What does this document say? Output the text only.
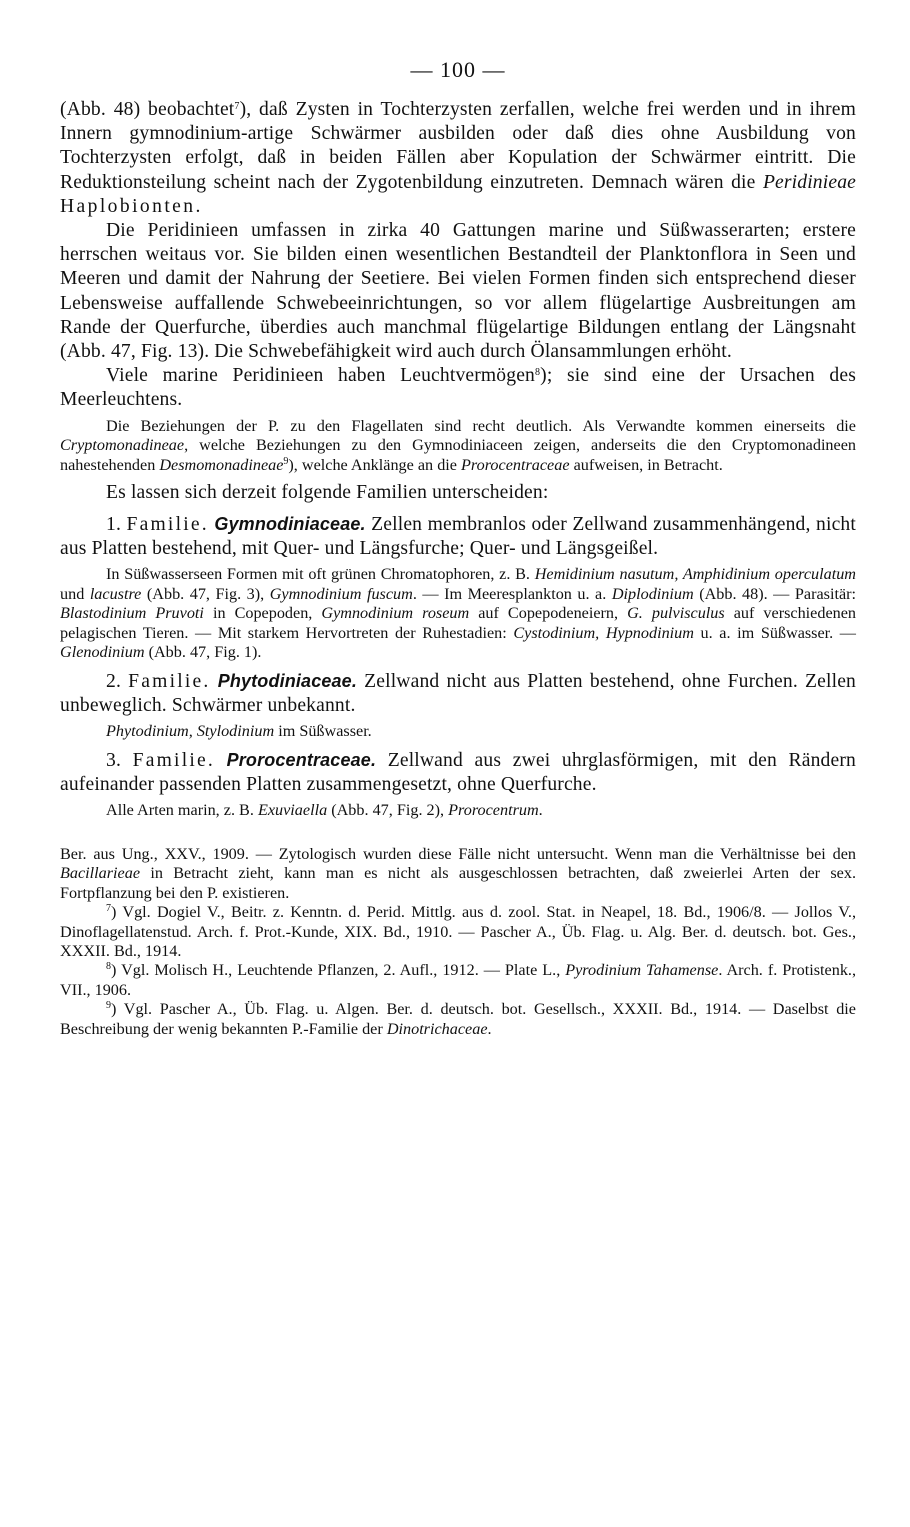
— 100 —

(Abb. 48) beobachtet$^7$), daß Zysten in Tochterzysten zerfallen, welche frei werden und in ihrem Innern gymnodinium-artige Schwärmer ausbilden oder daß dies ohne Ausbildung von Tochterzysten erfolgt, daß in beiden Fällen aber Kopulation der Schwärmer eintritt. Die Reduktionsteilung scheint nach der Zygotenbildung einzutreten. Demnach wären die Peridinieae Haplobionten.

Die Peridinieen umfassen in zirka 40 Gattungen marine und Süßwasserarten; erstere herrschen weitaus vor. Sie bilden einen wesentlichen Bestandteil der Planktonflora in Seen und Meeren und damit der Nahrung der Seetiere. Bei vielen Formen finden sich entsprechend dieser Lebensweise auffallende Schwebeeinrichtungen, so vor allem flügelartige Ausbreitungen am Rande der Querfurche, überdies auch manchmal flügelartige Bildungen entlang der Längsnaht (Abb. 47, Fig. 13). Die Schwebefähigkeit wird auch durch Ölansammlungen erhöht.

Viele marine Peridinieen haben Leuchtvermögen$^8$); sie sind eine der Ursachen des Meerleuchtens.

Die Beziehungen der P. zu den Flagellaten sind recht deutlich. Als Verwandte kommen einerseits die Cryptomonadineae, welche Beziehungen zu den Gymnodiniaceen zeigen, anderseits die den Cryptomonadineen nahestehenden Desmomonadineae$^9$), welche Anklänge an die Prorocentraceae aufweisen, in Betracht.

Es lassen sich derzeit folgende Familien unterscheiden:

1. Familie. Gymnodiniaceae. Zellen membranlos oder Zellwand zusammenhängend, nicht aus Platten bestehend, mit Quer- und Längsfurche; Quer- und Längsgeißel.

In Süßwasserseen Formen mit oft grünen Chromatophoren, z. B. Hemidinium nasutum, Amphidinium operculatum und lacustre (Abb. 47, Fig. 3), Gymnodinium fuscum. — Im Meeresplankton u. a. Diplodinium (Abb. 48). — Parasitär: Blastodinium Pruvoti in Copepoden, Gymnodinium roseum auf Copepodeneiern, G. pulvisculus auf verschiedenen pelagischen Tieren. — Mit starkem Hervortreten der Ruhestadien: Cystodinium, Hypnodinium u. a. im Süßwasser. — Glenodinium (Abb. 47, Fig. 1).

2. Familie. Phytodiniaceae. Zellwand nicht aus Platten bestehend, ohne Furchen. Zellen unbeweglich. Schwärmer unbekannt.

Phytodinium, Stylodinium im Süßwasser.

3. Familie. Prorocentraceae. Zellwand aus zwei uhrglasförmigen, mit den Rändern aufeinander passenden Platten zusammengesetzt, ohne Querfurche.

Alle Arten marin, z. B. Exuviaella (Abb. 47, Fig. 2), Prorocentrum.

Ber. aus Ung., XXV., 1909. — Zytologisch wurden diese Fälle nicht untersucht. Wenn man die Verhältnisse bei den Bacillarieae in Betracht zieht, kann man es nicht als ausgeschlossen betrachten, daß zweierlei Arten der sex. Fortpflanzung bei den P. existieren.

$^7$) Vgl. Dogiel V., Beitr. z. Kenntn. d. Perid. Mittlg. aus d. zool. Stat. in Neapel, 18. Bd., 1906/8. — Jollos V., Dinoflagellatenstud. Arch. f. Prot.-Kunde, XIX. Bd., 1910. — Pascher A., Üb. Flag. u. Alg. Ber. d. deutsch. bot. Ges., XXXII. Bd., 1914.

$^8$) Vgl. Molisch H., Leuchtende Pflanzen, 2. Aufl., 1912. — Plate L., Pyrodinium Tahamense. Arch. f. Protistenk., VII., 1906.

$^9$) Vgl. Pascher A., Üb. Flag. u. Algen. Ber. d. deutsch. bot. Gesellsch., XXXII. Bd., 1914. — Daselbst die Beschreibung der wenig bekannten P.-Familie der Dinotrichaceae.
